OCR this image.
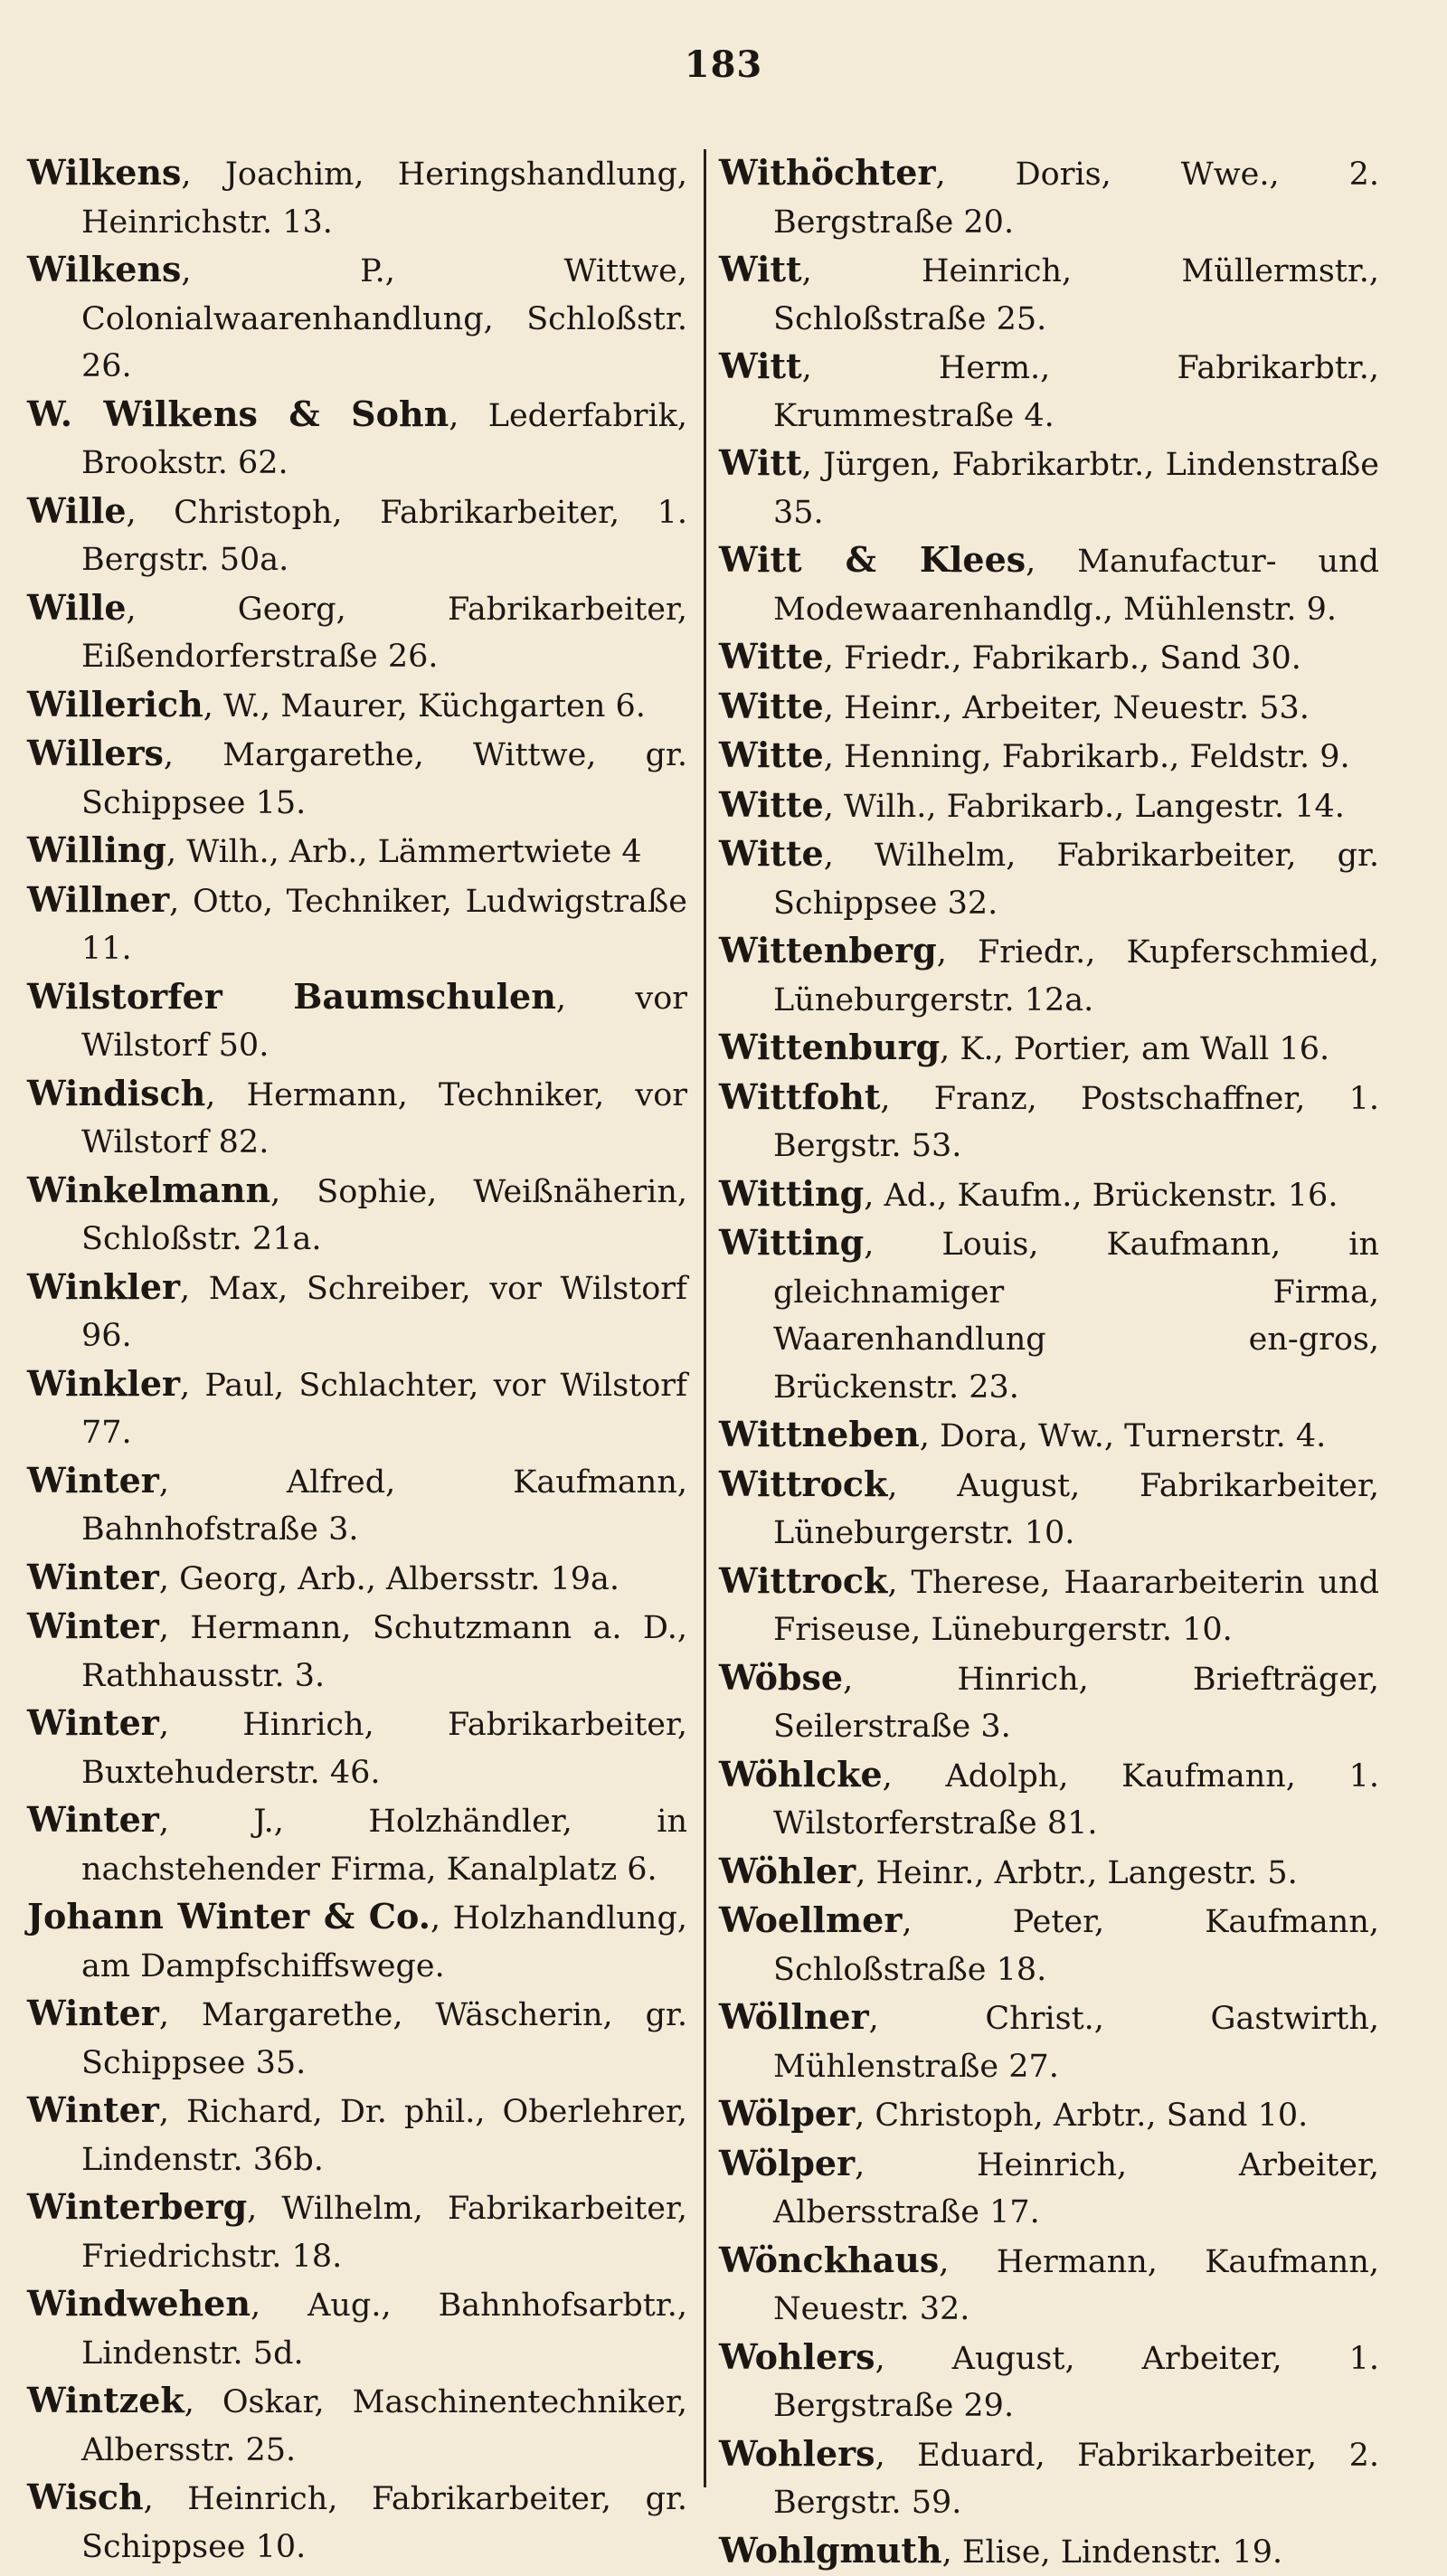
183
Wilkens, Joachim, Heringshandlung, Heinrichstr. 13.
Wilkens, P., Wittwe, Colonialwaarenhandlung, Schloßstr. 26.
W. Wilkens & Sohn, Lederfabrik, Brookstr. 62.
Wille, Christoph, Fabrikarbeiter, 1. Bergstr. 50a.
Wille, Georg, Fabrikarbeiter, Eißendorferstraße 26.
Willerich, W., Maurer, Küchgarten 6.
Willers, Margarethe, Wittwe, gr. Schippsee 15.
Willing, Wilh., Arb., Lämmertwiete 4
Willner, Otto, Techniker, Ludwigstraße 11.
Wilstorfer Baumschulen, vor Wilstorf 50.
Windisch, Hermann, Techniker, vor Wilstorf 82.
Winkelmann, Sophie, Weißnäherin, Schloßstr. 21a.
Winkler, Max, Schreiber, vor Wilstorf 96.
Winkler, Paul, Schlachter, vor Wilstorf 77.
Winter, Alfred, Kaufmann, Bahnhofstraße 3.
Winter, Georg, Arb., Albersstr. 19a.
Winter, Hermann, Schutzmann a. D., Rathhausstr. 3.
Winter, Hinrich, Fabrikarbeiter, Buxtehuderstr. 46.
Winter, J., Holzhändler, in nachstehender Firma, Kanalplatz 6.
Johann Winter & Co., Holzhandlung, am Dampfschiffswege.
Winter, Margarethe, Wäscherin, gr. Schippsee 35.
Winter, Richard, Dr. phil., Oberlehrer, Lindenstr. 36b.
Winterberg, Wilhelm, Fabrikarbeiter, Friedrichstr. 18.
Windwehen, Aug., Bahnhofsarbtr., Lindenstr. 5d.
Wintzek, Oskar, Maschinentechniker, Albersstr. 25.
Wisch, Heinrich, Fabrikarbeiter, gr. Schippsee 10.
Withöchter, Doris, Wwe., 2. Bergstraße 20.
Witt, Heinrich, Müllermstr., Schloßstraße 25.
Witt, Herm., Fabrikarbtr., Krummestraße 4.
Witt, Jürgen, Fabrikarbtr., Lindenstraße 35.
Witt & Klees, Manufactur- und Modewaarenhandlg., Mühlenstr. 9.
Witte, Friedr., Fabrikarb., Sand 30.
Witte, Heinr., Arbeiter, Neuestr. 53.
Witte, Henning, Fabrikarb., Feldstr. 9.
Witte, Wilh., Fabrikarb., Langestr. 14.
Witte, Wilhelm, Fabrikarbeiter, gr. Schippsee 32.
Wittenberg, Friedr., Kupferschmied, Lüneburgerstr. 12a.
Wittenburg, K., Portier, am Wall 16.
Wittfoht, Franz, Postschaffner, 1. Bergstr. 53.
Witting, Ad., Kaufm., Brückenstr. 16.
Witting, Louis, Kaufmann, in gleichnamiger Firma, Waarenhandlung en-gros, Brückenstr. 23.
Wittneben, Dora, Ww., Turnerstr. 4.
Wittrock, August, Fabrikarbeiter, Lüneburgerstr. 10.
Wittrock, Therese, Haararbeiterin und Friseuse, Lüneburgerstr. 10.
Wöbse, Hinrich, Briefträger, Seilerstraße 3.
Wöhlcke, Adolph, Kaufmann, 1. Wilstorferstraße 81.
Wöhler, Heinr., Arbtr., Langestr. 5.
Woellmer, Peter, Kaufmann, Schloßstraße 18.
Wöllner, Christ., Gastwirth, Mühlenstraße 27.
Wölper, Christoph, Arbtr., Sand 10.
Wölper, Heinrich, Arbeiter, Albersstraße 17.
Wönckhaus, Hermann, Kaufmann, Neuestr. 32.
Wohlers, August, Arbeiter, 1. Bergstraße 29.
Wohlers, Eduard, Fabrikarbeiter, 2. Bergstr. 59.
Wohlgmuth, Elise, Lindenstr. 19.
